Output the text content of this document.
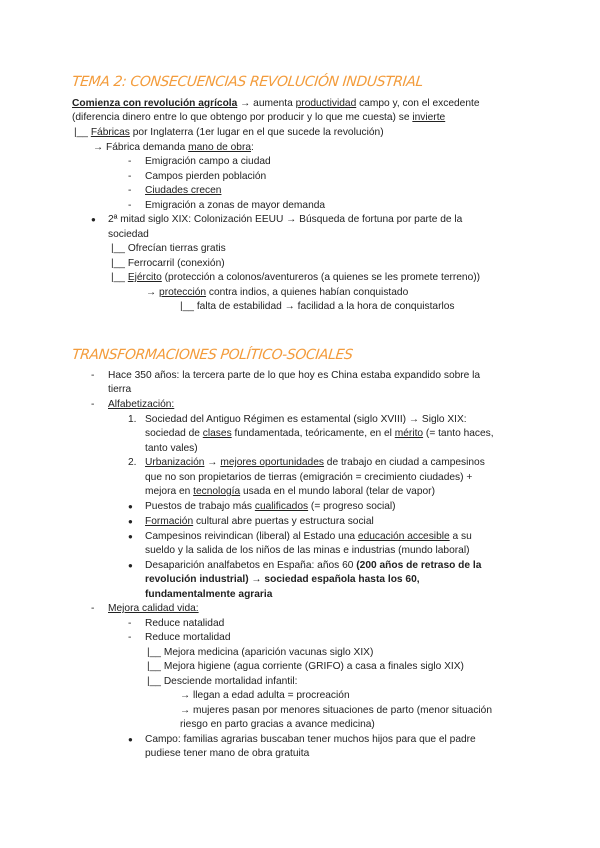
TEMA 2: CONSECUENCIAS REVOLUCIÓN INDUSTRIAL
Comienza con revolución agrícola → aumenta productividad campo y, con el excedente
(diferencia dinero entre lo que obtengo por producir y lo que me cuesta) se invierte
|__ Fábricas por Inglaterra (1er lugar en el que sucede la revolución)
→ Fábrica demanda mano de obra:
- Emigración campo a ciudad
- Campos pierden población
- Ciudades crecen
- Emigración a zonas de mayor demanda
● 2ª mitad siglo XIX: Colonización EEUU → Búsqueda de fortuna por parte de la
sociedad
|__ Ofrecían tierras gratis
|__ Ferrocarril (conexión)
|__ Ejército (protección a colonos/aventureros (a quienes se les promete terreno))
→ protección contra indios, a quienes habían conquistado
|__ falta de estabilidad → facilidad a la hora de conquistarlos
TRANSFORMACIONES POLÍTICO-SOCIALES
- Hace 350 años: la tercera parte de lo que hoy es China estaba expandido sobre la
tierra
- Alfabetización:
1. Sociedad del Antiguo Régimen es estamental (siglo XVIII) → Siglo XIX:
sociedad de clases fundamentada, teóricamente, en el mérito (= tanto haces,
tanto vales)
2. Urbanización → mejores oportunidades de trabajo en ciudad a campesinos
que no son propietarios de tierras (emigración = crecimiento ciudades) +
mejora en tecnología usada en el mundo laboral (telar de vapor)
● Puestos de trabajo más cualificados (= progreso social)
● Formación cultural abre puertas y estructura social
● Campesinos reivindican (liberal) al Estado una educación accesible a su
sueldo y la salida de los niños de las minas e industrias (mundo laboral)
● Desaparición analfabetos en España: años 60 (200 años de retraso de la
revolución industrial) → sociedad española hasta los 60,
fundamentalmente agraria
- Mejora calidad vida:
- Reduce natalidad
- Reduce mortalidad
|__ Mejora medicina (aparición vacunas siglo XIX)
|__ Mejora higiene (agua corriente (GRIFO) a casa a finales siglo XIX)
|__ Desciende mortalidad infantil:
→ llegan a edad adulta = procreación
→ mujeres pasan por menores situaciones de parto (menor situación
riesgo en parto gracias a avance medicina)
● Campo: familias agrarias buscaban tener muchos hijos para que el padre
pudiese tener mano de obra gratuita
